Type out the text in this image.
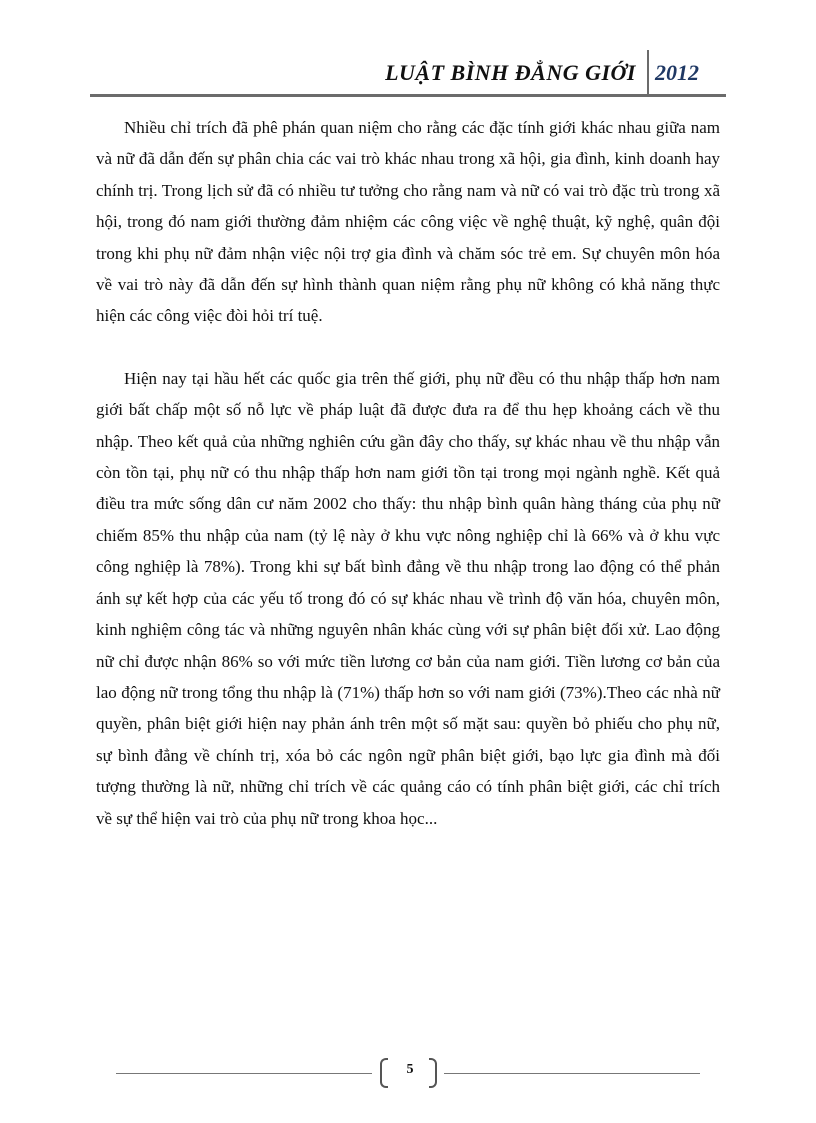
LUẬT BÌNH ĐẲNG GIỚI 2012

Nhiều chỉ trích đã phê phán quan niệm cho rằng các đặc tính giới khác nhau giữa nam và nữ đã dẫn đến sự phân chia các vai trò khác nhau trong xã hội, gia đình, kinh doanh hay chính trị. Trong lịch sử đã có nhiều tư tưởng cho rằng nam và nữ có vai trò đặc trù trong xã hội, trong đó nam giới thường đảm nhiệm các công việc về nghệ thuật, kỹ nghệ, quân đội trong khi phụ nữ đảm nhận việc nội trợ gia đình và chăm sóc trẻ em. Sự chuyên môn hóa về vai trò này đã dẫn đến sự hình thành quan niệm rằng phụ nữ không có khả năng thực hiện các công việc đòi hỏi trí tuệ.

Hiện nay tại hầu hết các quốc gia trên thế giới, phụ nữ đều có thu nhập thấp hơn nam giới bất chấp một số nỗ lực về pháp luật đã được đưa ra để thu hẹp khoảng cách về thu nhập. Theo kết quả của những nghiên cứu gần đây cho thấy, sự khác nhau về thu nhập vẫn còn tồn tại, phụ nữ có thu nhập thấp hơn nam giới tồn tại trong mọi ngành nghề. Kết quả điều tra mức sống dân cư năm 2002 cho thấy: thu nhập bình quân hàng tháng của phụ nữ chiếm 85% thu nhập của nam (tỷ lệ này ở khu vực nông nghiệp chỉ là 66% và ở khu vực công nghiệp là 78%). Trong khi sự bất bình đẳng về thu nhập trong lao động có thể phản ánh sự kết hợp của các yếu tố trong đó có sự khác nhau về trình độ văn hóa, chuyên môn, kinh nghiệm công tác và những nguyên nhân khác cùng với sự phân biệt đối xử. Lao động nữ chỉ được nhận 86% so với mức tiền lương cơ bản của nam giới. Tiền lương cơ bản của lao động nữ trong tổng thu nhập là (71%) thấp hơn so với nam giới (73%).Theo các nhà nữ quyền, phân biệt giới hiện nay phản ánh trên một số mặt sau: quyền bỏ phiếu cho phụ nữ, sự bình đẳng về chính trị, xóa bỏ các ngôn ngữ phân biệt giới, bạo lực gia đình mà đối tượng thường là nữ, những chỉ trích về các quảng cáo có tính phân biệt giới, các chỉ trích về sự thể hiện vai trò của phụ nữ trong khoa học...

5
